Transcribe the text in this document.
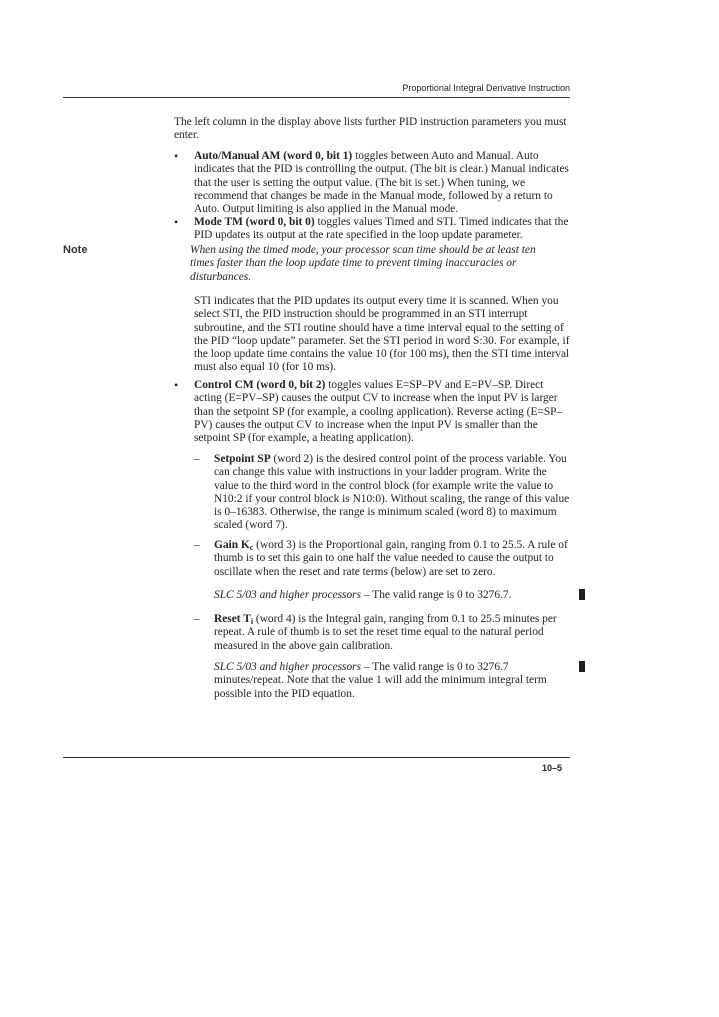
Proportional Integral Derivative Instruction

The left column in the display above lists further PID instruction parameters you must enter.

• Auto/Manual AM (word 0, bit 1) toggles between Auto and Manual. Auto indicates that the PID is controlling the output. (The bit is clear.) Manual indicates that the user is setting the output value. (The bit is set.) When tuning, we recommend that changes be made in the Manual mode, followed by a return to Auto. Output limiting is also applied in the Manual mode.

• Mode TM (word 0, bit 0) toggles values Timed and STI. Timed indicates that the PID updates its output at the rate specified in the loop update parameter.

Note	When using the timed mode, your processor scan time should be at least ten times faster than the loop update time to prevent timing inaccuracies or disturbances.

STI indicates that the PID updates its output every time it is scanned. When you select STI, the PID instruction should be programmed in an STI interrupt subroutine, and the STI routine should have a time interval equal to the setting of the PID “loop update” parameter. Set the STI period in word S:30. For example, if the loop update time contains the value 10 (for 100 ms), then the STI time interval must also equal 10 (for 10 ms).

• Control CM (word 0, bit 2) toggles values E=SP–PV and E=PV–SP. Direct acting (E=PV–SP) causes the output CV to increase when the input PV is larger than the setpoint SP (for example, a cooling application). Reverse acting (E=SP–PV) causes the output CV to increase when the input PV is smaller than the setpoint SP (for example, a heating application).

– Setpoint SP (word 2) is the desired control point of the process variable. You can change this value with instructions in your ladder program. Write the value to the third word in the control block (for example write the value to N10:2 if your control block is N10:0). Without scaling, the range of this value is 0–16383. Otherwise, the range is minimum scaled (word 8) to maximum scaled (word 7).

– Gain $K_c$ (word 3) is the Proportional gain, ranging from 0.1 to 25.5. A rule of thumb is to set this gain to one half the value needed to cause the output to oscillate when the reset and rate terms (below) are set to zero.

SLC 5/03 and higher processors – The valid range is 0 to 3276.7.

– Reset $T_i$ (word 4) is the Integral gain, ranging from 0.1 to 25.5 minutes per repeat. A rule of thumb is to set the reset time equal to the natural period measured in the above gain calibration.

SLC 5/03 and higher processors – The valid range is 0 to 3276.7 minutes/repeat. Note that the value 1 will add the minimum integral term possible into the PID equation.

10–5
